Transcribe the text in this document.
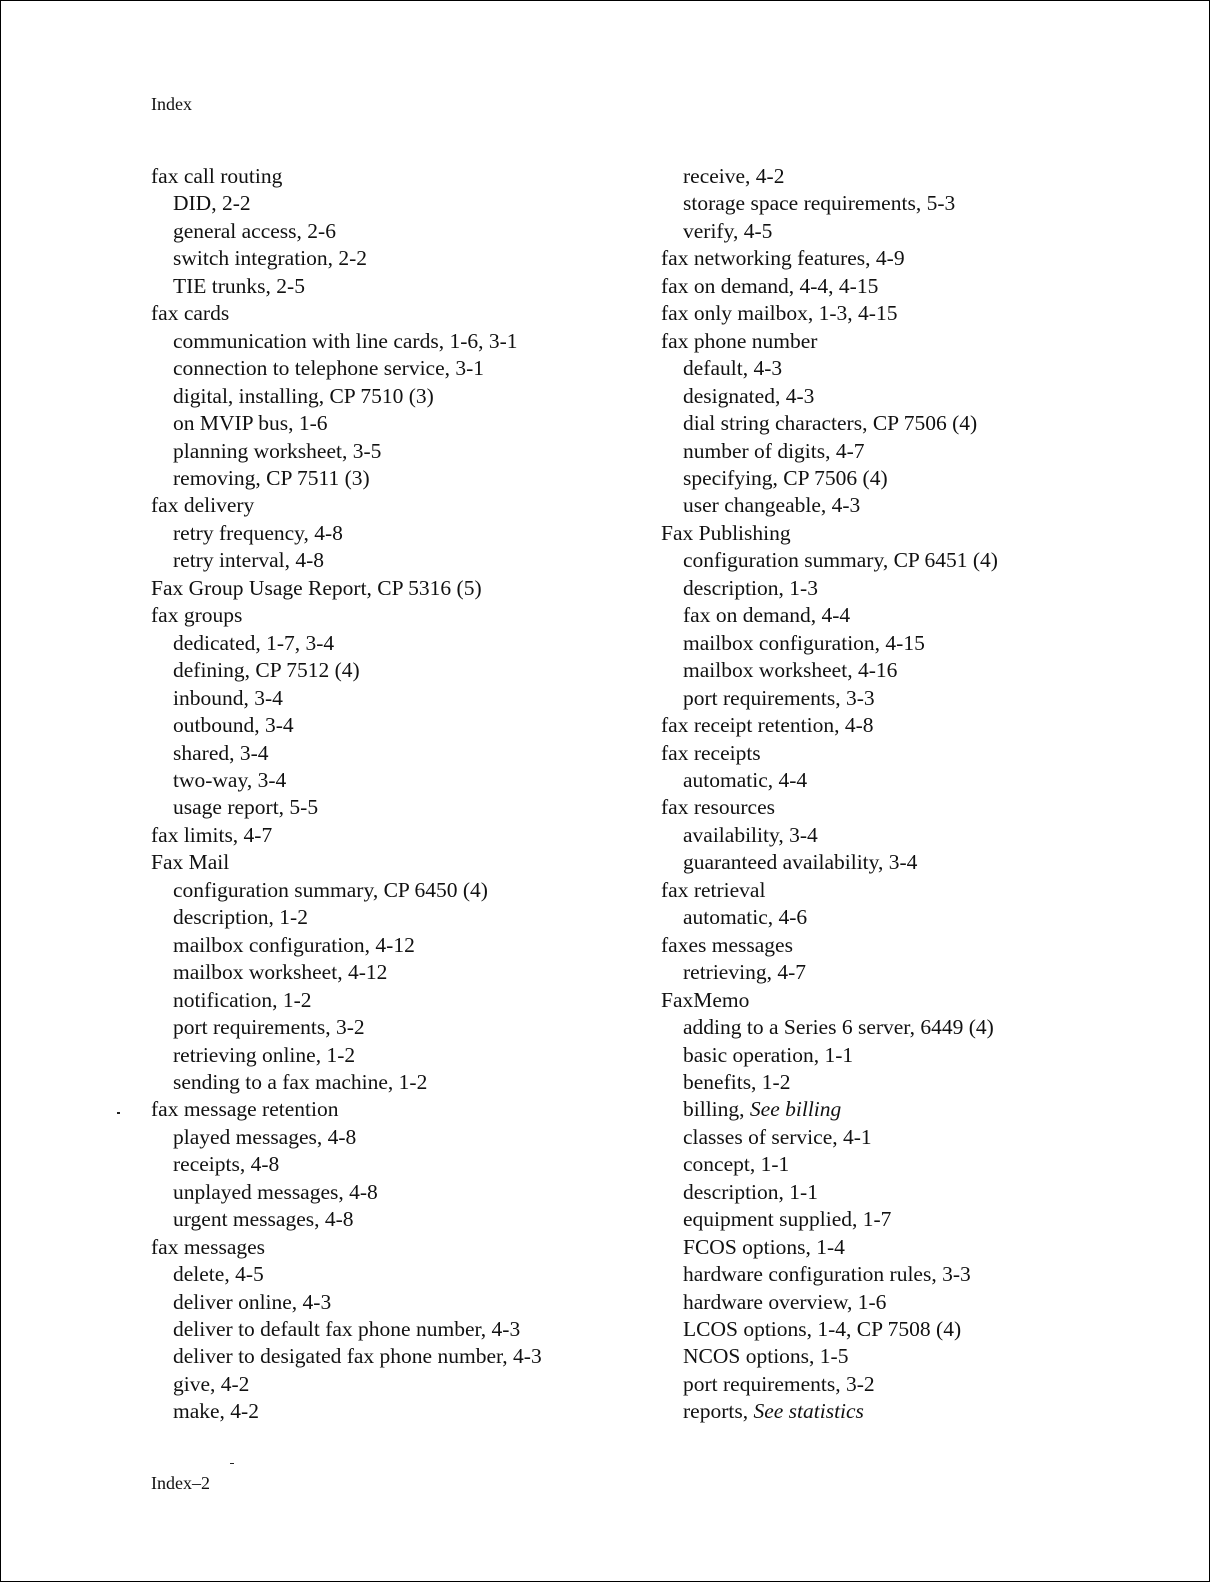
Index
fax call routing
DID, 2-2
general access, 2-6
switch integration, 2-2
TIE trunks, 2-5
fax cards
communication with line cards, 1-6, 3-1
connection to telephone service, 3-1
digital, installing, CP 7510 (3)
on MVIP bus, 1-6
planning worksheet, 3-5
removing, CP 7511 (3)
fax delivery
retry frequency, 4-8
retry interval, 4-8
Fax Group Usage Report, CP 5316 (5)
fax groups
dedicated, 1-7, 3-4
defining, CP 7512 (4)
inbound, 3-4
outbound, 3-4
shared, 3-4
two-way, 3-4
usage report, 5-5
fax limits, 4-7
Fax Mail
configuration summary, CP 6450 (4)
description, 1-2
mailbox configuration, 4-12
mailbox worksheet, 4-12
notification, 1-2
port requirements, 3-2
retrieving online, 1-2
sending to a fax machine, 1-2
fax message retention
played messages, 4-8
receipts, 4-8
unplayed messages, 4-8
urgent messages, 4-8
fax messages
delete, 4-5
deliver online, 4-3
deliver to default fax phone number, 4-3
deliver to desigated fax phone number, 4-3
give, 4-2
make, 4-2
receive, 4-2
storage space requirements, 5-3
verify, 4-5
fax networking features, 4-9
fax on demand, 4-4, 4-15
fax only mailbox, 1-3, 4-15
fax phone number
default, 4-3
designated, 4-3
dial string characters, CP 7506 (4)
number of digits, 4-7
specifying, CP 7506 (4)
user changeable, 4-3
Fax Publishing
configuration summary, CP 6451 (4)
description, 1-3
fax on demand, 4-4
mailbox configuration, 4-15
mailbox worksheet, 4-16
port requirements, 3-3
fax receipt retention, 4-8
fax receipts
automatic, 4-4
fax resources
availability, 3-4
guaranteed availability, 3-4
fax retrieval
automatic, 4-6
faxes messages
retrieving, 4-7
FaxMemo
adding to a Series 6 server, 6449 (4)
basic operation, 1-1
benefits, 1-2
billing, See billing
classes of service, 4-1
concept, 1-1
description, 1-1
equipment supplied, 1-7
FCOS options, 1-4
hardware configuration rules, 3-3
hardware overview, 1-6
LCOS options, 1-4, CP 7508 (4)
NCOS options, 1-5
port requirements, 3-2
reports, See statistics
Index–2
